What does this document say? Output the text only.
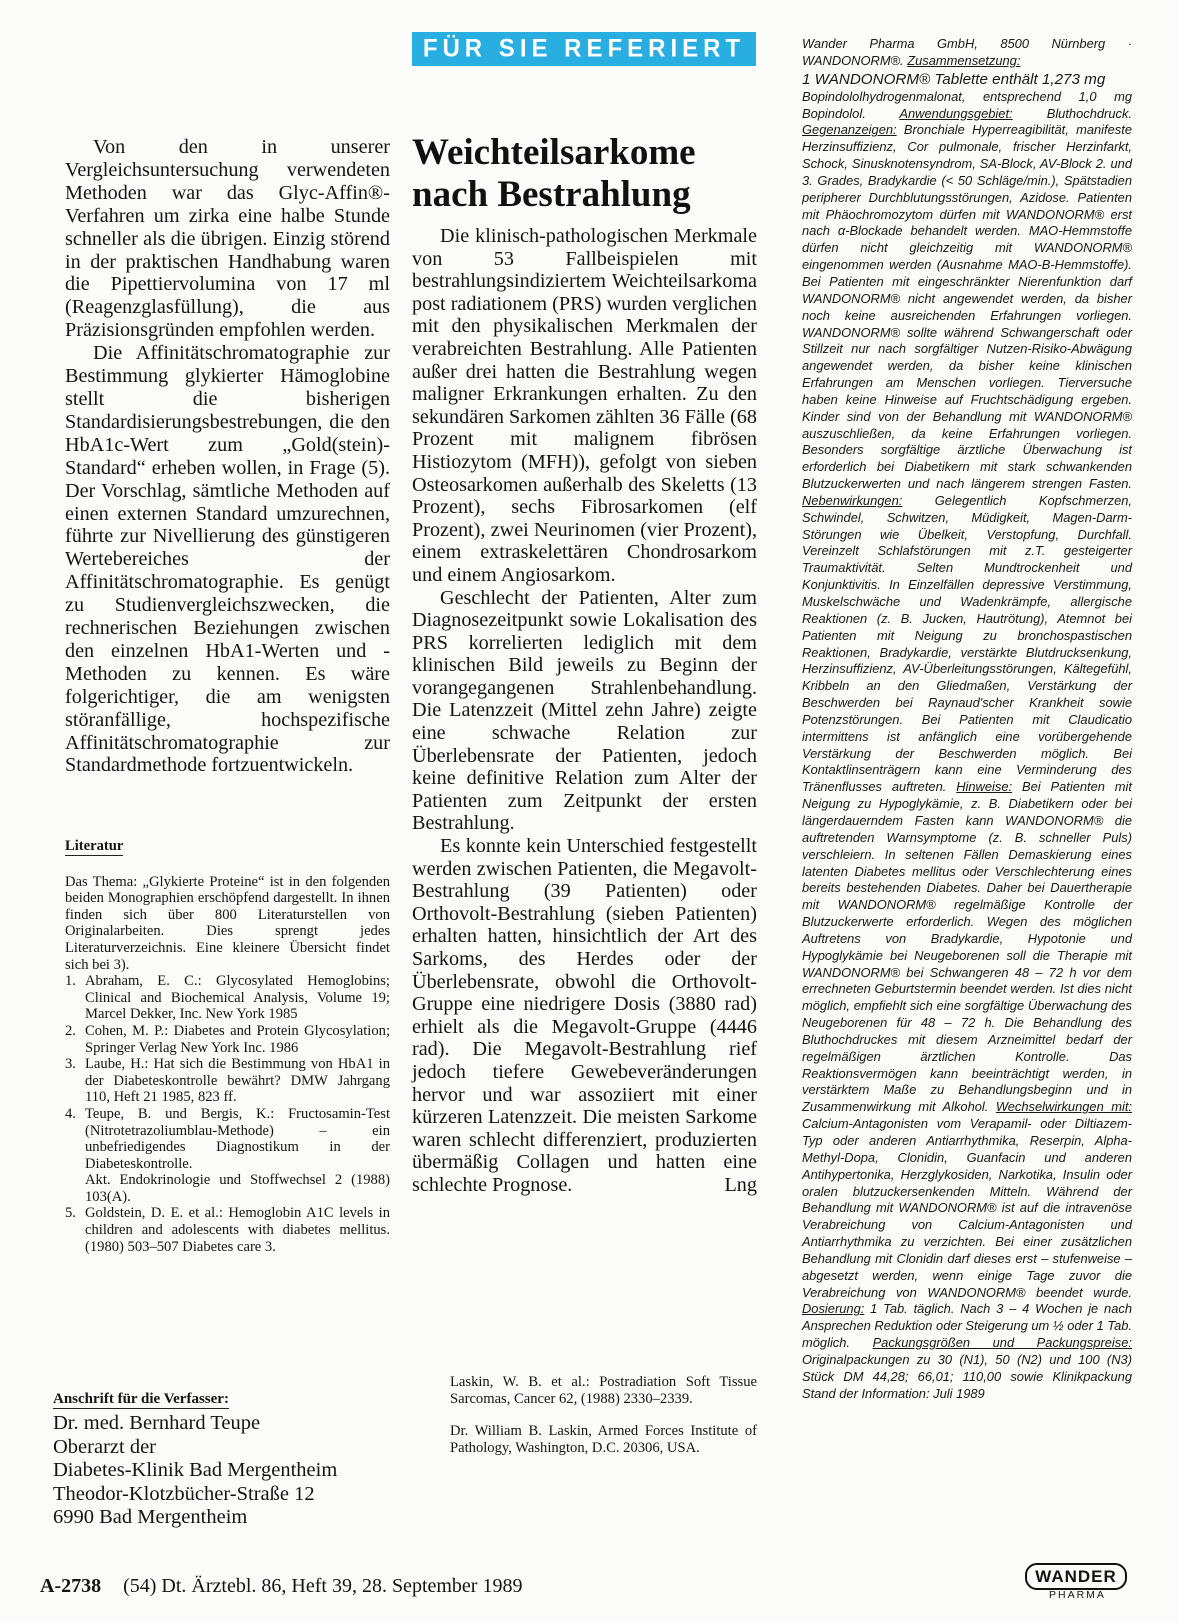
Von den in unserer Vergleichsuntersuchung verwendeten Methoden war das Glyc-Affin®-Verfahren um zirka eine halbe Stunde schneller als die übrigen. Einzig störend in der praktischen Handhabung waren die Pipettiervolumina von 17 ml (Reagenzglasfüllung), die aus Präzisionsgründen empfohlen werden.

Die Affinitätschromatographie zur Bestimmung glykierter Hämoglobine stellt die bisherigen Standardisierungsbestrebungen, die den HbA1c-Wert zum „Gold(stein)-Standard“ erheben wollen, in Frage (5). Der Vorschlag, sämtliche Methoden auf einen externen Standard umzurechnen, führte zur Nivellierung des günstigeren Wertebereiches der Affinitätschromatographie. Es genügt zu Studienvergleichszwecken, die rechnerischen Beziehungen zwischen den einzelnen HbA1-Werten und -Methoden zu kennen. Es wäre folgerichtiger, die am wenigsten störanfällige, hochspezifische Affinitätschromatographie zur Standardmethode fortzuentwickeln.

Literatur

Das Thema: „Glykierte Proteine“ ist in den folgenden beiden Monographien erschöpfend dargestellt. In ihnen finden sich über 800 Literaturstellen von Originalarbeiten. Dies sprengt jedes Literaturverzeichnis. Eine kleinere Übersicht findet sich bei 3).

1. Abraham, E. C.: Glycosylated Hemoglobins; Clinical and Biochemical Analysis, Volume 19; Marcel Dekker, Inc. New York 1985
2. Cohen, M. P.: Diabetes and Protein Glycosylation; Springer Verlag New York Inc. 1986
3. Laube, H.: Hat sich die Bestimmung von HbA1 in der Diabeteskontrolle bewährt? DMW Jahrgang 110, Heft 21 1985, 823 ff.
4. Teupe, B. und Bergis, K.: Fructosamin-Test (Nitrotetrazoliumblau-Methode) – ein unbefriedigendes Diagnostikum in der Diabeteskontrolle.
Akt. Endokrinologie und Stoffwechsel 2 (1988) 103(A).
5. Goldstein, D. E. et al.: Hemoglobin A1C levels in children and adolescents with diabetes mellitus. (1980) 503–507 Diabetes care 3.
Anschrift für die Verfasser:
Dr. med. Bernhard Teupe
Oberarzt der
Diabetes-Klinik Bad Mergentheim
Theodor-Klotzbücher-Straße 12
6990 Bad Mergentheim
FÜR SIE REFERIERT
Weichteilsarkome
nach Bestrahlung

Die klinisch-pathologischen Merkmale von 53 Fallbeispielen mit bestrahlungsindiziertem Weichteilsarkoma post radiationem (PRS) wurden verglichen mit den physikalischen Merkmalen der verabreichten Bestrahlung. Alle Patienten außer drei hatten die Bestrahlung wegen maligner Erkrankungen erhalten. Zu den sekundären Sarkomen zählten 36 Fälle (68 Prozent mit malignem fibrösen Histiozytom (MFH)), gefolgt von sieben Osteosarkomen außerhalb des Skeletts (13 Prozent), sechs Fibrosarkomen (elf Prozent), zwei Neurinomen (vier Prozent), einem extraskelettären Chondrosarkom und einem Angiosarkom.

Geschlecht der Patienten, Alter zum Diagnosezeitpunkt sowie Lokalisation des PRS korrelierten lediglich mit dem klinischen Bild jeweils zu Beginn der vorangegangenen Strahlenbehandlung. Die Latenzzeit (Mittel zehn Jahre) zeigte eine schwache Relation zur Überlebensrate der Patienten, jedoch keine definitive Relation zum Alter der Patienten zum Zeitpunkt der ersten Bestrahlung.

Es konnte kein Unterschied festgestellt werden zwischen Patienten, die Megavolt-Bestrahlung (39 Patienten) oder Orthovolt-Bestrahlung (sieben Patienten) erhalten hatten, hinsichtlich der Art des Sarkoms, des Herdes oder der Überlebensrate, obwohl die Orthovolt-Gruppe eine niedrigere Dosis (3880 rad) erhielt als die Megavolt-Gruppe (4446 rad). Die Megavolt-Bestrahlung rief jedoch tiefere Gewebeveränderungen hervor und war assoziiert mit einer kürzeren Latenzzeit. Die meisten Sarkome waren schlecht differenziert, produzierten übermäßig Collagen und hatten eine schlechte Prognose.	Lng

Laskin, W. B. et al.: Postradiation Soft Tissue Sarcomas, Cancer 62, (1988) 2330–2339.

Dr. William B. Laskin, Armed Forces Institute of Pathology, Washington, D.C. 20306, USA.

Wander Pharma GmbH, 8500 Nürnberg · WANDONORM®. Zusammensetzung:

1 WANDONORM® Tablette enthält 1,273 mg

Bopindololhydrogenmalonat, entsprechend 1,0 mg Bopindolol.	Anwendungsgebiet:	Bluthochdruck. Gegenanzeigen: Bronchiale Hyperreagibilität, manifeste Herzinsuffizienz, Cor pulmonale, frischer Herzinfarkt, Schock, Sinusknotensyndrom, SA-Block, AV-Block 2. und 3. Grades, Bradykardie (< 50 Schläge/min.), Spätstadien peripherer Durchblutungsstörungen, Azidose. Patienten mit Phäochromozytom dürfen mit WANDONORM® erst nach α-Blockade behandelt werden. MAO-Hemmstoffe dürfen nicht gleichzeitig mit WANDONORM® eingenommen werden (Ausnahme MAO-B-Hemmstoffe). Bei Patienten mit eingeschränkter Nierenfunktion darf WANDONORM® nicht angewendet werden, da bisher noch keine ausreichenden Erfahrungen vorliegen. WANDONORM® sollte während Schwangerschaft oder Stillzeit nur nach sorgfältiger Nutzen-Risiko-Abwägung angewendet werden, da bisher keine klinischen Erfahrungen am Menschen vorliegen. Tierversuche haben keine Hinweise auf Fruchtschädigung ergeben. Kinder sind von der Behandlung mit WANDONORM® auszuschließen, da keine Erfahrungen vorliegen. Besonders sorgfältige ärztliche Überwachung ist erforderlich bei Diabetikern mit stark schwankenden Blutzuckerwerten und nach längerem strengen Fasten. Nebenwirkungen:	Gelegentlich Kopfschmerzen, Schwindel, Schwitzen, Müdigkeit, Magen-Darm-Störungen wie Übelkeit, Verstopfung, Durchfall. Vereinzelt Schlafstörungen mit z.T. gesteigerter Traumaktivität. Selten Mundtrockenheit und Konjunktivitis. In Einzelfällen depressive Verstimmung, Muskelschwäche und Wadenkrämpfe, allergische Reaktionen (z. B. Jucken, Hautrötung), Atemnot bei Patienten mit Neigung zu bronchospastischen Reaktionen, Bradykardie, verstärkte Blutdrucksenkung, Herzinsuffizienz, AV-Überleitungsstörungen, Kältegefühl, Kribbeln an den Gliedmaßen, Verstärkung der Beschwerden bei Raynaud'scher Krankheit sowie Potenzstörungen. Bei Patienten mit Claudicatio intermittens ist anfänglich eine vorübergehende Verstärkung der Beschwerden möglich. Bei Kontaktlinsenträgern kann eine Verminderung des Tränenflusses auftreten. Hinweise: Bei Patienten mit Neigung zu Hypoglykämie, z. B. Diabetikern oder bei längerdauerndem Fasten kann WANDONORM® die auftretenden Warnsymptome (z. B. schneller Puls) verschleiern. In seltenen Fällen Demaskierung eines latenten Diabetes mellitus oder Verschlechterung eines bereits bestehenden Diabetes. Daher bei Dauertherapie mit WANDONORM® regelmäßige Kontrolle der Blutzuckerwerte erforderlich. Wegen des möglichen Auftretens von Bradykardie, Hypotonie und Hypoglykämie bei Neugeborenen soll die Therapie mit WANDONORM® bei Schwangeren 48 – 72 h vor dem errechneten Geburtstermin beendet werden. Ist dies nicht möglich, empfiehlt sich eine sorgfältige Überwachung des Neugeborenen für 48 – 72 h. Die Behandlung des Bluthochdruckes mit diesem Arzneimittel bedarf der regelmäßigen ärztlichen Kontrolle. Das Reaktionsvermögen kann beeinträchtigt werden, in verstärktem Maße zu Behandlungsbeginn und in Zusammenwirkung mit Alkohol. Wechselwirkungen mit: Calcium-Antagonisten vom Verapamil- oder Diltiazem-Typ oder anderen Antiarrhythmika, Reserpin, Alpha-Methyl-Dopa, Clonidin, Guanfacin und anderen Antihypertonika, Herzglykosiden, Narkotika, Insulin oder oralen blutzuckersenkenden Mitteln. Während der Behandlung mit WANDONORM® ist auf die intravenöse Verabreichung von Calcium-Antagonisten und Antiarrhythmika zu verzichten. Bei einer zusätzlichen Behandlung mit Clonidin darf dieses erst – stufenweise – abgesetzt werden, wenn einige Tage zuvor die Verabreichung von WANDONORM® beendet wurde. Dosierung: 1 Tab. täglich. Nach 3 – 4 Wochen je nach Ansprechen Reduktion oder Steigerung um ½ oder 1 Tab. möglich. Packungsgrößen und Packungspreise: Originalpackungen zu 30 (N1), 50 (N2) und 100 (N3) Stück DM 44,28; 66,01; 110,00 sowie Klinikpackung Stand der Information: Juli 1989

WANDER
PHARMA
A-2738 (54) Dt. Ärztebl. 86, Heft 39, 28. September 1989
